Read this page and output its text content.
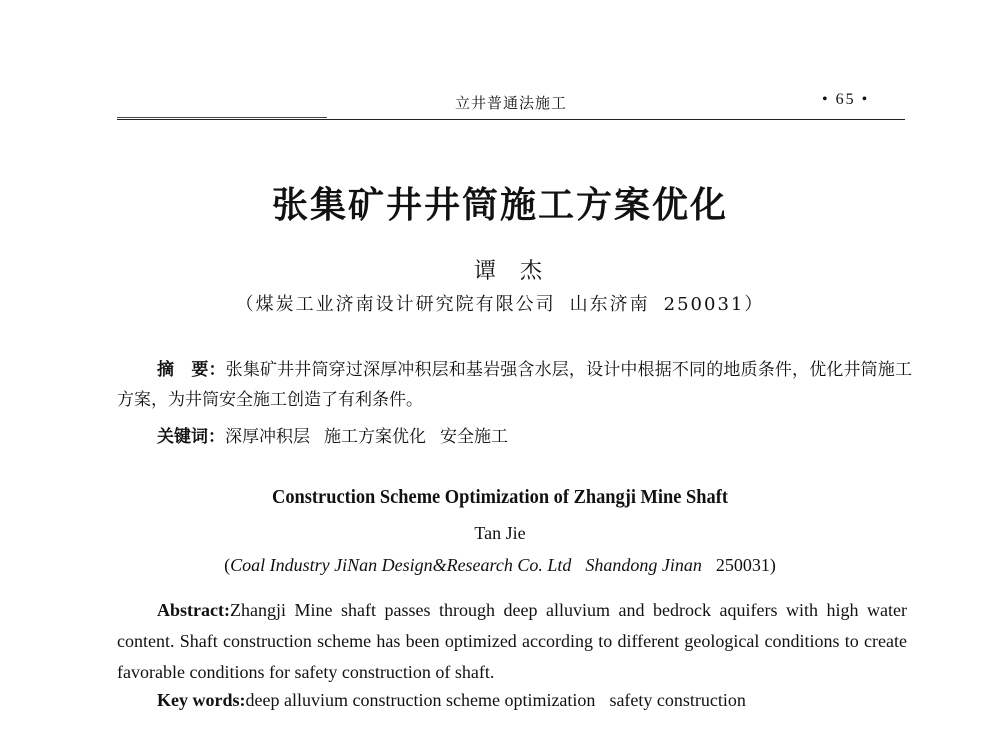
立井普通法施工	• 65 •
张集矿井井筒施工方案优化
谭杰
（煤炭工业济南设计研究院有限公司 山东济南 250031）
摘　要：张集矿井井筒穿过深厚冲积层和基岩强含水层，设计中根据不同的地质条件，优化井筒施工方案，为井筒安全施工创造了有利条件。
关键词：深厚冲积层 施工方案优化 安全施工
Construction Scheme Optimization of Zhangji Mine Shaft
Tan Jie
(Coal Industry JiNan Design&Research Co. Ltd Shandong Jinan 250031)
Abstract:Zhangji Mine shaft passes through deep alluvium and bedrock aquifers with high water content. Shaft construction scheme has been optimized according to different geological conditions to create favorable conditions for safety construction of shaft.
Key words:deep alluvium construction scheme optimization safety construction
